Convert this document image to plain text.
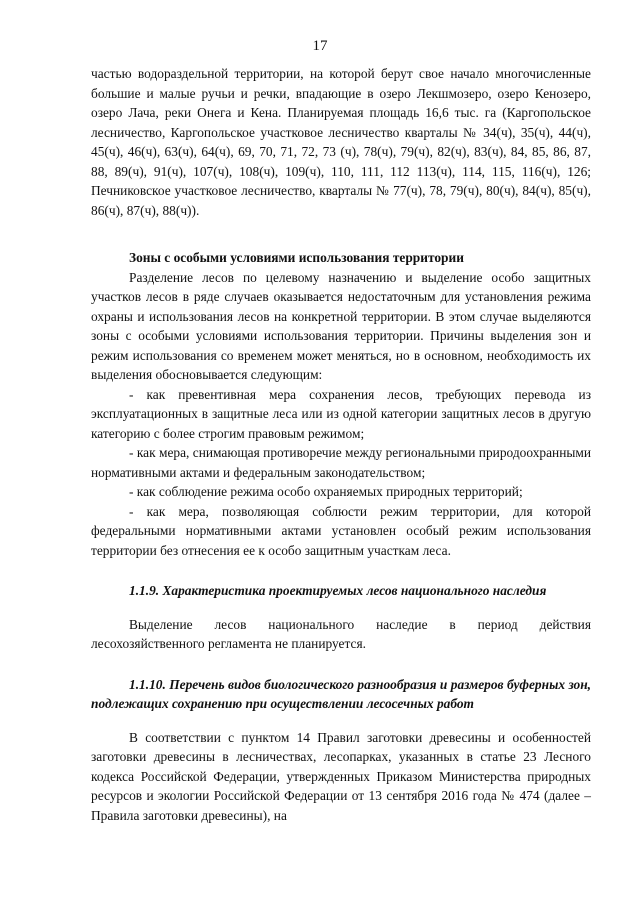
17

частью водораздельной территории, на которой берут свое начало многочисленные большие и малые ручьи и речки, впадающие в озеро Лекшмозеро, озеро Кенозеро, озеро Лача, реки Онега и Кена. Планируемая площадь 16,6 тыс. га (Каргопольское лесничество, Каргопольское участковое лесничество кварталы № 34(ч), 35(ч), 44(ч), 45(ч), 46(ч), 63(ч), 64(ч), 69, 70, 71, 72, 73 (ч), 78(ч), 79(ч), 82(ч), 83(ч), 84, 85, 86, 87, 88, 89(ч), 91(ч), 107(ч), 108(ч), 109(ч), 110, 111, 112 113(ч), 114, 115, 116(ч), 126; Печниковское участковое лесничество, кварталы № 77(ч), 78, 79(ч), 80(ч), 84(ч), 85(ч), 86(ч), 87(ч), 88(ч)).

Зоны с особыми условиями использования территории

Разделение лесов по целевому назначению и выделение особо защитных участков лесов в ряде случаев оказывается недостаточным для установления режима охраны и использования лесов на конкретной территории. В этом случае выделяются зоны с особыми условиями использования территории. Причины выделения зон и режим использования со временем может меняться, но в основном, необходимость их выделения обосновывается следующим:

- как превентивная мера сохранения лесов, требующих перевода из эксплуатационных в защитные леса или из одной категории защитных лесов в другую категорию с более строгим правовым режимом;

- как мера, снимающая противоречие между региональными природоохранными нормативными актами и федеральным законодательством;

- как соблюдение режима особо охраняемых природных территорий;

- как мера, позволяющая соблюсти режим территории, для которой федеральными нормативными актами установлен особый режим использования территории без отнесения ее к особо защитным участкам леса.

1.1.9. Характеристика проектируемых лесов национального наследия

Выделение лесов национального наследие в период действия лесохозяйственного регламента не планируется.

1.1.10. Перечень видов биологического разнообразия и размеров буферных зон, подлежащих сохранению при осуществлении лесосечных работ

В соответствии с пунктом 14 Правил заготовки древесины и особенностей заготовки древесины в лесничествах, лесопарках, указанных в статье 23 Лесного кодекса Российской Федерации, утвержденных Приказом Министерства природных ресурсов и экологии Российской Федерации от 13 сентября 2016 года № 474 (далее – Правила заготовки древесины), на
